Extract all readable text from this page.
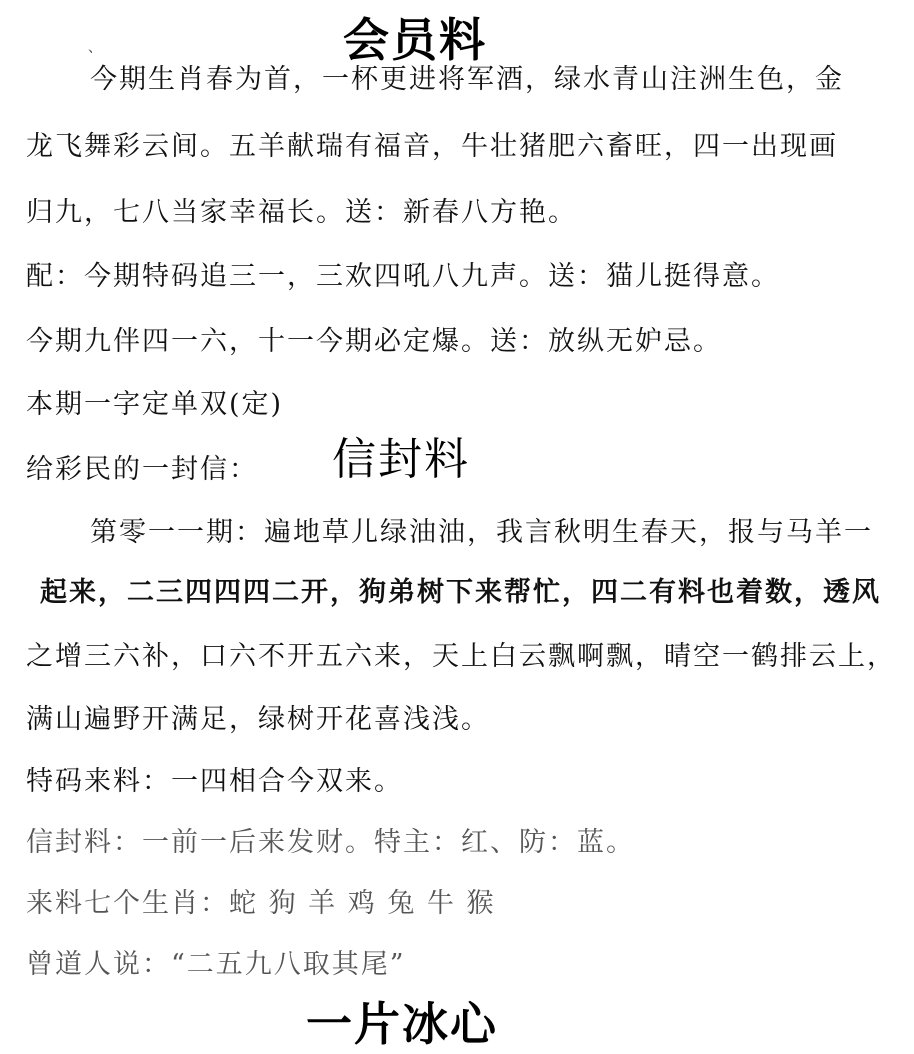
、	会员料
今期生肖春为首，一杯更进将军酒，绿水青山注洲生色，金
龙飞舞彩云间。五羊献瑞有福音，牛壮猪肥六畜旺，四一出现画
归九，七八当家幸福长。送：新春八方艳。
配：今期特码追三一，三欢四吼八九声。送：猫儿挺得意。
今期九伴四一六，十一今期必定爆。送：放纵无妒忌。
本期一字定单双(定)
信封料
给彩民的一封信：
第零一一期：遍地草儿绿油油，我言秋明生春天，报与马羊一
起来，二三四四四二开，狗弟树下来帮忙，四二有料也着数，透风
之增三六补，口六不开五六来，天上白云飘啊飘，晴空一鹤排云上，
满山遍野开满足，绿树开花喜浅浅。
特码来料：一四相合今双来。
信封料：一前一后来发财。特主：红、防：蓝。
来料七个生肖：蛇 狗 羊 鸡 兔 牛 猴
曾道人说：“二五九八取其尾”
一片冰心
